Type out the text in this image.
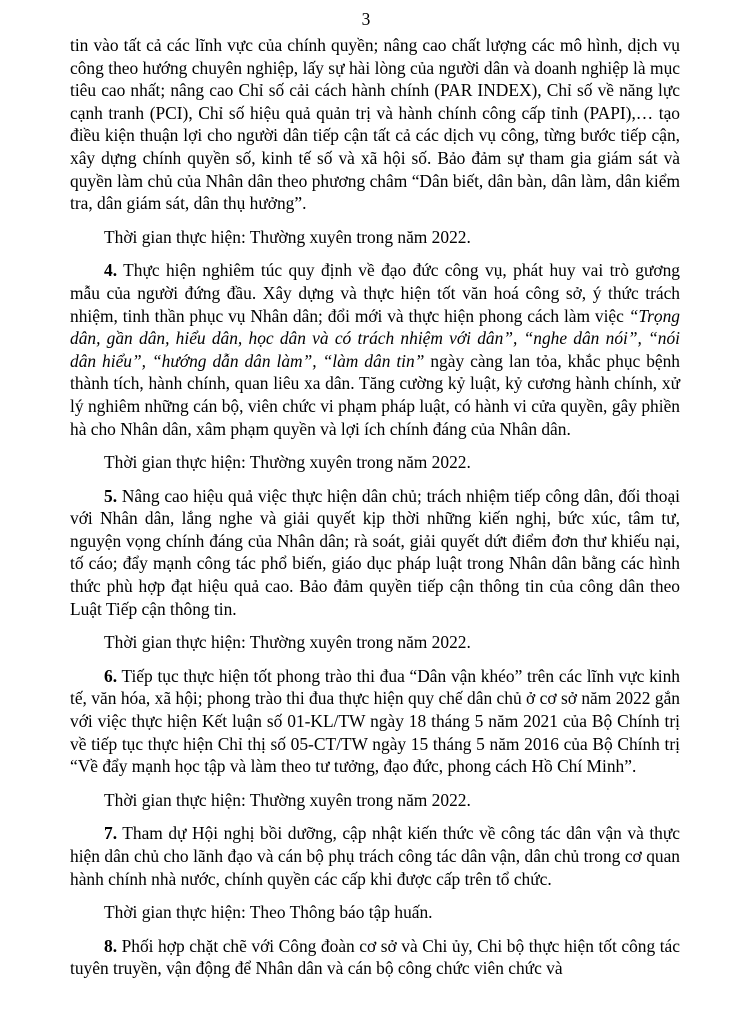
3

tin vào tất cả các lĩnh vực của chính quyền; nâng cao chất lượng các mô hình, dịch vụ công theo hướng chuyên nghiệp, lấy sự hài lòng của người dân và doanh nghiệp là mục tiêu cao nhất; nâng cao Chỉ số cải cách hành chính (PAR INDEX), Chỉ số về năng lực cạnh tranh (PCI), Chỉ số hiệu quả quản trị và hành chính công cấp tỉnh (PAPI),… tạo điều kiện thuận lợi cho người dân tiếp cận tất cả các dịch vụ công, từng bước tiếp cận, xây dựng chính quyền số, kinh tế số và xã hội số. Bảo đảm sự tham gia giám sát và quyền làm chủ của Nhân dân theo phương châm “Dân biết, dân bàn, dân làm, dân kiểm tra, dân giám sát, dân thụ hưởng”.

Thời gian thực hiện: Thường xuyên trong năm 2022.

4. Thực hiện nghiêm túc quy định về đạo đức công vụ, phát huy vai trò gương mẫu của người đứng đầu. Xây dựng và thực hiện tốt văn hoá công sở, ý thức trách nhiệm, tinh thần phục vụ Nhân dân; đổi mới và thực hiện phong cách làm việc “Trọng dân, gần dân, hiểu dân, học dân và có trách nhiệm với dân”, “nghe dân nói”, “nói dân hiểu”, “hướng dẫn dân làm”, “làm dân tin” ngày càng lan tỏa, khắc phục bệnh thành tích, hành chính, quan liêu xa dân. Tăng cường kỷ luật, kỷ cương hành chính, xử lý nghiêm những cán bộ, viên chức vi phạm pháp luật, có hành vi cửa quyền, gây phiền hà cho Nhân dân, xâm phạm quyền và lợi ích chính đáng của Nhân dân.

Thời gian thực hiện: Thường xuyên trong năm 2022.

5. Nâng cao hiệu quả việc thực hiện dân chủ; trách nhiệm tiếp công dân, đối thoại với Nhân dân, lắng nghe và giải quyết kịp thời những kiến nghị, bức xúc, tâm tư, nguyện vọng chính đáng của Nhân dân; rà soát, giải quyết dứt điểm đơn thư khiếu nại, tố cáo; đẩy mạnh công tác phổ biến, giáo dục pháp luật trong Nhân dân bằng các hình thức phù hợp đạt hiệu quả cao. Bảo đảm quyền tiếp cận thông tin của công dân theo Luật Tiếp cận thông tin.

Thời gian thực hiện: Thường xuyên trong năm 2022.

6. Tiếp tục thực hiện tốt phong trào thi đua “Dân vận khéo” trên các lĩnh vực kinh tế, văn hóa, xã hội; phong trào thi đua thực hiện quy chế dân chủ ở cơ sở năm 2022 gắn với việc thực hiện Kết luận số 01-KL/TW ngày 18 tháng 5 năm 2021 của Bộ Chính trị về tiếp tục thực hiện Chỉ thị số 05-CT/TW ngày 15 tháng 5 năm 2016 của Bộ Chính trị “Về đẩy mạnh học tập và làm theo tư tưởng, đạo đức, phong cách Hồ Chí Minh”.

Thời gian thực hiện: Thường xuyên trong năm 2022.

7. Tham dự Hội nghị bồi dưỡng, cập nhật kiến thức về công tác dân vận và thực hiện dân chủ cho lãnh đạo và cán bộ phụ trách công tác dân vận, dân chủ trong cơ quan hành chính nhà nước, chính quyền các cấp khi được cấp trên tổ chức.

Thời gian thực hiện: Theo Thông báo tập huấn.

8. Phối hợp chặt chẽ với Công đoàn cơ sở và Chi ủy, Chi bộ thực hiện tốt công tác tuyên truyền, vận động để Nhân dân và cán bộ công chức viên chức và
